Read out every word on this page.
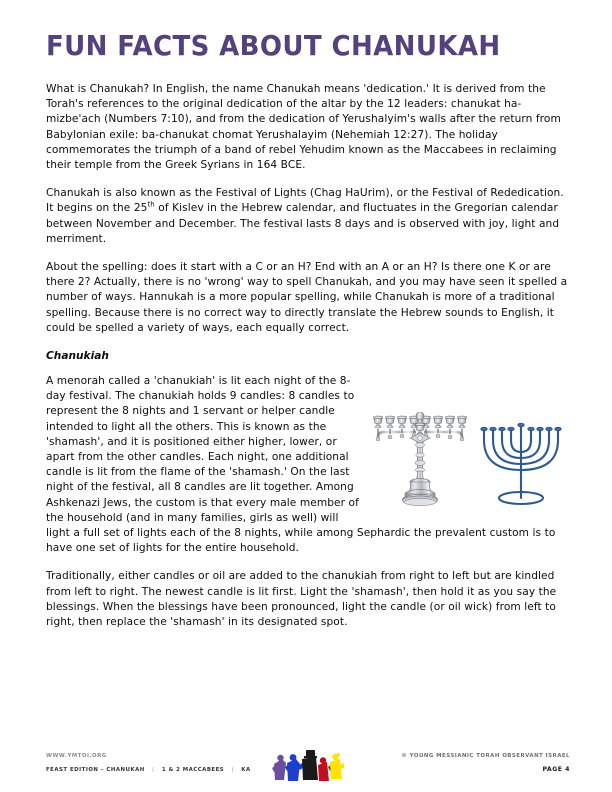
FUN FACTS ABOUT CHANUKAH

What is Chanukah? In English, the name Chanukah means 'dedication.' It is derived from the Torah's references to the original dedication of the altar by the 12 leaders: chanukat ha-mizbe'ach (Numbers 7:10), and from the dedication of Yerushalyim's walls after the return from Babylonian exile: ba-chanukat chomat Yerushalayim (Nehemiah 12:27). The holiday commemorates the triumph of a band of rebel Yehudim known as the Maccabees in reclaiming their temple from the Greek Syrians in 164 BCE.

Chanukah is also known as the Festival of Lights (Chag HaUrim), or the Festival of Rededication. It begins on the 25th of Kislev in the Hebrew calendar, and fluctuates in the Gregorian calendar between November and December. The festival lasts 8 days and is observed with joy, light and merriment.

About the spelling: does it start with a C or an H? End with an A or an H? Is there one K or are there 2? Actually, there is no 'wrong' way to spell Chanukah, and you may have seen it spelled a number of ways. Hannukah is a more popular spelling, while Chanukah is more of a traditional spelling. Because there is no correct way to directly translate the Hebrew sounds to English, it could be spelled a variety of ways, each equally correct.

Chanukiah

A menorah called a 'chanukiah' is lit each night of the 8-day festival. The chanukiah holds 9 candles: 8 candles to represent the 8 nights and 1 servant or helper candle intended to light all the others. This is known as the 'shamash', and it is positioned either higher, lower, or apart from the other candles. Each night, one additional candle is lit from the flame of the 'shamash.' On the last night of the festival, all 8 candles are lit together. Among Ashkenazi Jews, the custom is that every male member of the household (and in many families, girls as well) will light a full set of lights each of the 8 nights, while among Sephardic the prevalent custom is to have one set of lights for the entire household.

Traditionally, either candles or oil are added to the chanukiah from right to left but are kindled from left to right. The newest candle is lit first. Light the 'shamash', then hold it as you say the blessings. When the blessings have been pronounced, light the candle (or oil wick) from left to right, then replace the 'shamash' in its designated spot.

WWW.YMTOI.ORG
FEAST EDITION – CHANUKAH | 1 & 2 MACCABEES | KA
© YOUNG MESSIANIC TORAH OBSERVANT ISRAEL
PAGE 4
